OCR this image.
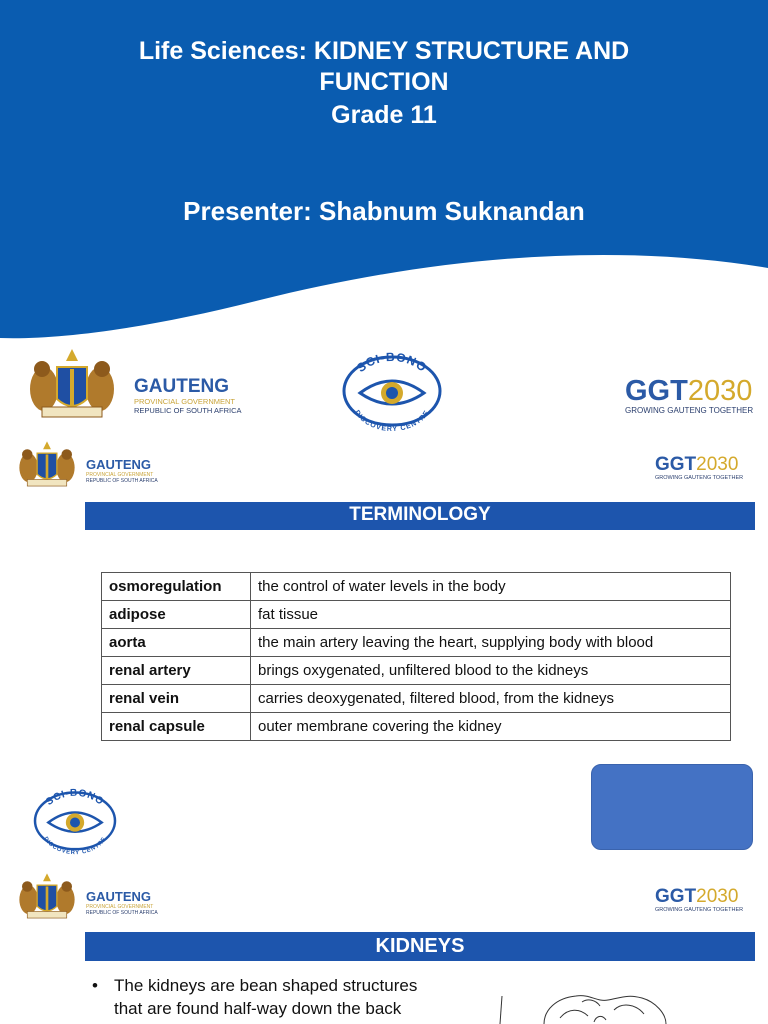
Life Sciences: KIDNEY STRUCTURE AND
FUNCTION
Grade 11
Presenter: Shabnum Suknandan
GAUTENG
PROVINCIAL GOVERNMENT
REPUBLIC OF SOUTH AFRICA
SCI-BONO
DISCOVERY CENTRE
GGT2030
GROWING GAUTENG TOGETHER
GAUTENG
PROVINCIAL GOVERNMENT
REPUBLIC OF SOUTH AFRICA
GGT2030
GROWING GAUTENG TOGETHER
TERMINOLOGY
osmoregulation	the control of water levels in the body
adipose	fat tissue
aorta	the main artery leaving the heart, supplying body with blood
renal artery	brings oxygenated, unfiltered blood to the kidneys
renal vein	carries deoxygenated, filtered blood, from the kidneys
renal capsule	outer membrane covering the kidney
SCI-BONO
DISCOVERY CENTRE
GAUTENG
PROVINCIAL GOVERNMENT
REPUBLIC OF SOUTH AFRICA
GGT2030
GROWING GAUTENG TOGETHER
KIDNEYS
• The kidneys are bean shaped structures
that are found half-way down the back
